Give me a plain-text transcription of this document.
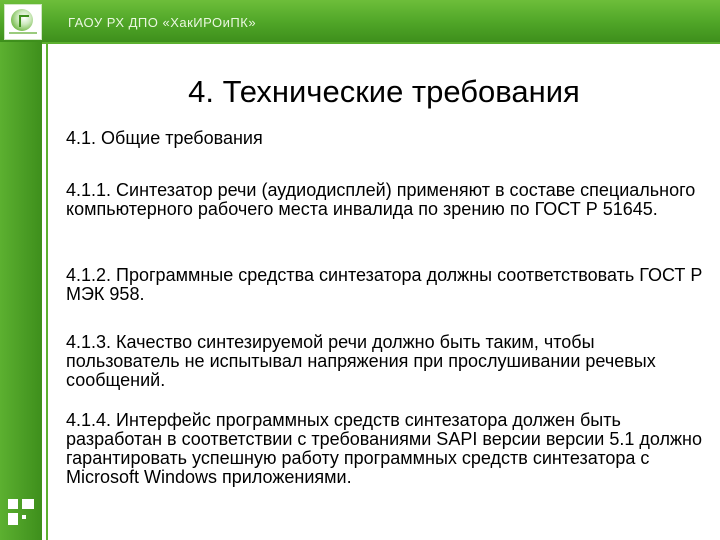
ГАОУ РХ ДПО «ХакИРОиПК»
4. Технические требования
4.1. Общие требования

4.1.1. Синтезатор речи (аудиодисплей) применяют в составе специального компьютерного рабочего места инвалида по зрению по ГОСТ Р 51645.

4.1.2. Программные средства синтезатора должны соответствовать ГОСТ Р МЭК 958.

4.1.3. Качество синтезируемой речи должно быть таким, чтобы пользователь не испытывал напряжения при прослушивании речевых сообщений.

4.1.4. Интерфейс программных средств синтезатора должен быть разработан в соответствии с требованиями SAPI версии версии 5.1 должно гарантировать успешную работу программных средств синтезатора с Microsoft Windows приложениями.
